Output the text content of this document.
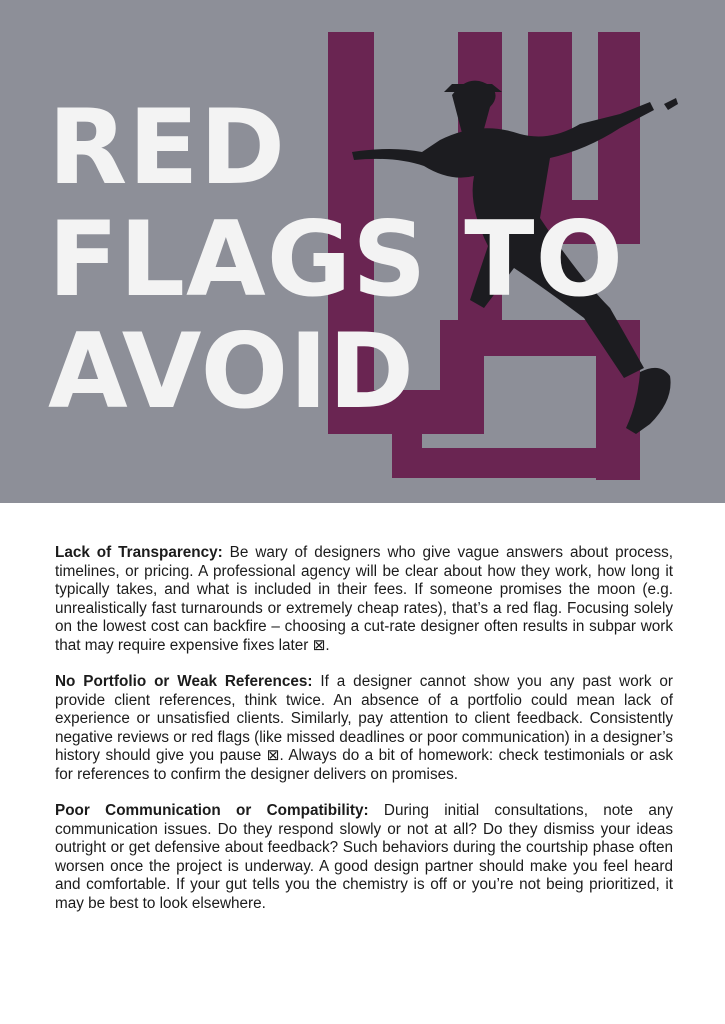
RED
FLAGS TO
AVOID

Lack of Transparency: Be wary of designers who give vague answers about process, timelines, or pricing. A professional agency will be clear about how they work, how long it typically takes, and what is included in their fees. If someone promises the moon (e.g. unrealistically fast turnarounds or extremely cheap rates), that’s a red flag. Focusing solely on the lowest cost can backfire – choosing a cut-rate designer often results in subpar work that may require expensive fixes later ⊠.

No Portfolio or Weak References: If a designer cannot show you any past work or provide client references, think twice. An absence of a portfolio could mean lack of experience or unsatisfied clients. Similarly, pay attention to client feedback. Consistently negative reviews or red flags (like missed deadlines or poor communication) in a designer’s history should give you pause ⊠. Always do a bit of homework: check testimonials or ask for references to confirm the designer delivers on promises.

Poor Communication or Compatibility: During initial consultations, note any communication issues. Do they respond slowly or not at all? Do they dismiss your ideas outright or get defensive about feedback? Such behaviors during the courtship phase often worsen once the project is underway. A good design partner should make you feel heard and comfortable. If your gut tells you the chemistry is off or you’re not being prioritized, it may be best to look elsewhere.
